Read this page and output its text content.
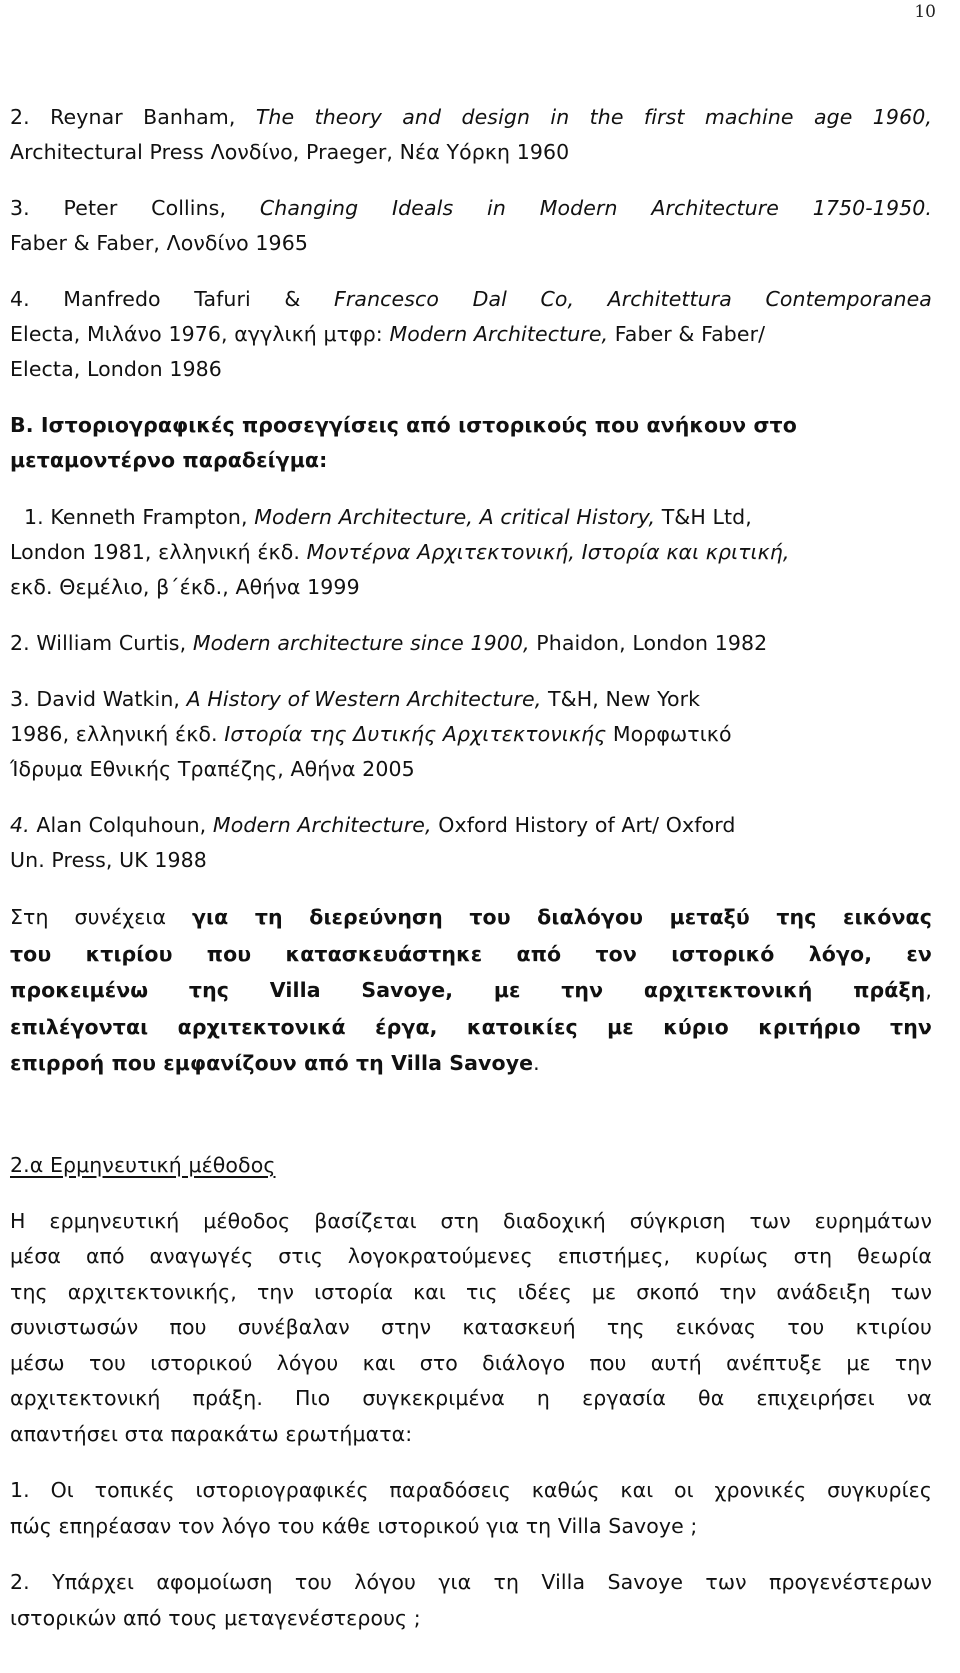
10
2. Reynar Banham, The theory and design in the first machine age 1960,
Architectural Press Λονδίνο, Praeger, Νέα Υόρκη 1960
3. Peter Collins, Changing Ideals in Modern Architecture 1750-1950.
Faber & Faber, Λονδίνο 1965
4. Manfredo Tafuri & Francesco Dal Co, Architettura Contemporanea
Electa, Μιλάνο 1976, αγγλική μτφρ: Modern Architecture, Faber & Faber/
Electa, London 1986
Β. Ιστοριογραφικές προσεγγίσεις από ιστορικούς που ανήκουν στο
μεταμοντέρνο παραδείγμα:
1. Kenneth Frampton, Modern Architecture, A critical History, T&H Ltd,
London 1981, ελληνική έκδ. Μοντέρνα Αρχιτεκτονική, Ιστορία και κριτική,
εκδ. Θεμέλιο, β΄έκδ., Αθήνα 1999
2. William Curtis, Modern architecture since 1900, Phaidon, London 1982
3. David Watkin, A History of Western Architecture, T&H, New York
1986, ελληνική έκδ. Ιστορία της Δυτικής Αρχιτεκτονικής Μορφωτικό
Ίδρυμα Εθνικής Τραπέζης, Αθήνα 2005
4. Alan Colquhoun, Modern Architecture, Oxford History of Art/ Oxford
Un. Press, UK 1988
Στη συνέχεια για τη διερεύνηση του διαλόγου μεταξύ της εικόνας
του κτιρίου που κατασκευάστηκε από τον ιστορικό λόγο, εν
προκειμένω της Villa Savoye, με την αρχιτεκτονική πράξη,
επιλέγονται αρχιτεκτονικά έργα, κατοικίες με κύριο κριτήριο την
επιρροή που εμφανίζουν από τη Villa Savoye.
2.α Ερμηνευτική μέθοδος
Η ερμηνευτική μέθοδος βασίζεται στη διαδοχική σύγκριση των ευρημάτων
μέσα από αναγωγές στις λογοκρατούμενες επιστήμες, κυρίως στη θεωρία
της αρχιτεκτονικής, την ιστορία και τις ιδέες με σκοπό την ανάδειξη των
συνιστωσών που συνέβαλαν στην κατασκευή της εικόνας του κτιρίου
μέσω του ιστορικού λόγου και στο διάλογο που αυτή ανέπτυξε με την
αρχιτεκτονική πράξη. Πιο συγκεκριμένα η εργασία θα επιχειρήσει να
απαντήσει στα παρακάτω ερωτήματα:
1. Οι τοπικές ιστοριογραφικές παραδόσεις καθώς και οι χρονικές συγκυρίες
πώς επηρέασαν τον λόγο του κάθε ιστορικού για τη Villa Savoye ;
2. Υπάρχει αφομοίωση του λόγου για τη Villa Savoye των προγενέστερων
ιστορικών από τους μεταγενέστερους ;
